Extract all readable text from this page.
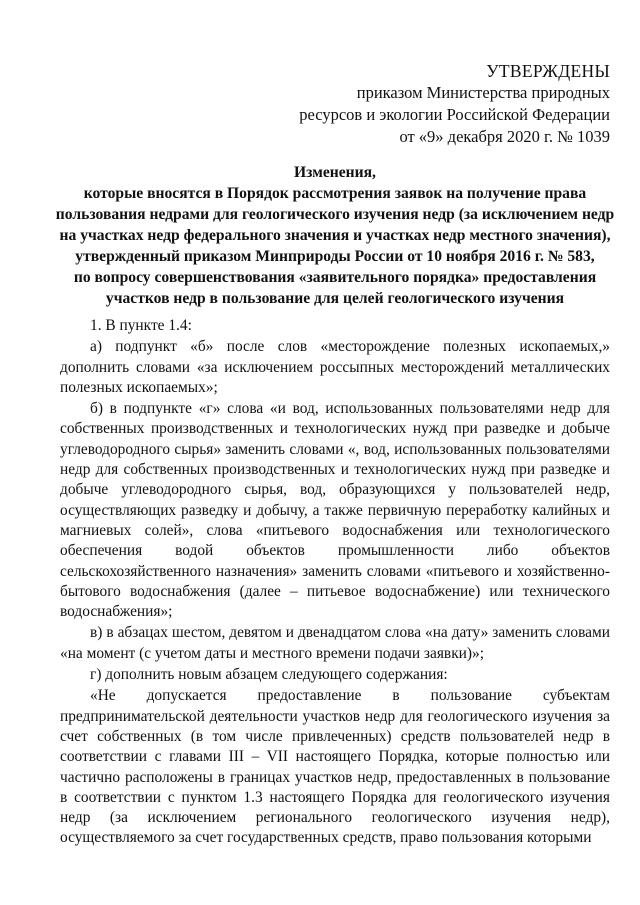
УТВЕРЖДЕНЫ
приказом Министерства природных
ресурсов и экологии Российской Федерации
от «9» декабря 2020 г. № 1039
Изменения,
которые вносятся в Порядок рассмотрения заявок на получение права
пользования недрами для геологического изучения недр (за исключением недр
на участках недр федерального значения и участках недр местного значения),
утвержденный приказом Минприроды России от 10 ноября 2016 г. № 583,
по вопросу совершенствования «заявительного порядка» предоставления
участков недр в пользование для целей геологического изучения

1. В пункте 1.4:

а) подпункт «б» после слов «месторождение полезных ископаемых,» дополнить словами «за исключением россыпных месторождений металлических полезных ископаемых»;

б) в подпункте «г» слова «и вод, использованных пользователями недр для собственных производственных и технологических нужд при разведке и добыче углеводородного сырья» заменить словами «, вод, использованных пользователями недр для собственных производственных и технологических нужд при разведке и добыче углеводородного сырья, вод, образующихся у пользователей недр, осуществляющих разведку и добычу, а также первичную переработку калийных и магниевых солей», слова «питьевого водоснабжения или технологического обеспечения водой объектов промышленности либо объектов сельскохозяйственного назначения» заменить словами «питьевого и хозяйственно-бытового водоснабжения (далее – питьевое водоснабжение) или технического водоснабжения»;

в) в абзацах шестом, девятом и двенадцатом слова «на дату» заменить словами «на момент (с учетом даты и местного времени подачи заявки)»;

г) дополнить новым абзацем следующего содержания:

«Не допускается предоставление в пользование субъектам предпринимательской деятельности участков недр для геологического изучения за счет собственных (в том числе привлеченных) средств пользователей недр в соответствии с главами III – VII настоящего Порядка, которые полностью или частично расположены в границах участков недр, предоставленных в пользование в соответствии с пунктом 1.3 настоящего Порядка для геологического изучения недр (за исключением регионального геологического изучения недр), осуществляемого за счет государственных средств, право пользования которыми
